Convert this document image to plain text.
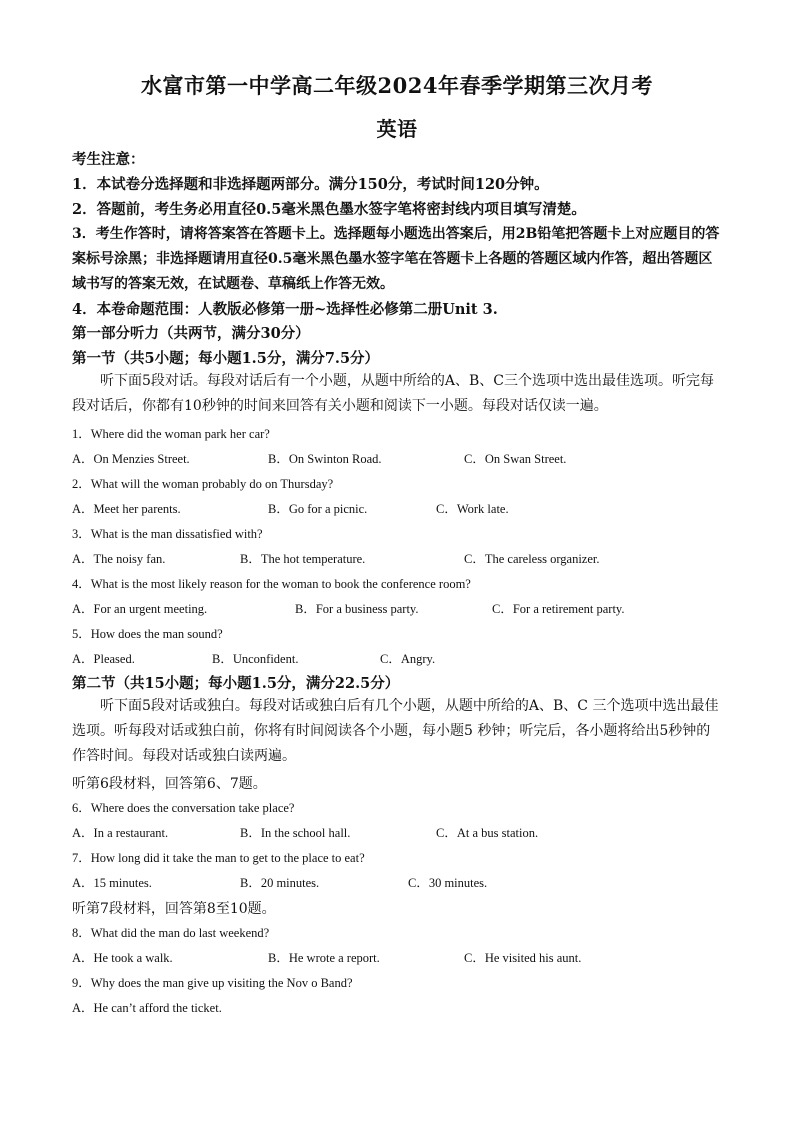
水富市第一中学高二年级2024年春季学期第三次月考
英语
考生注意：
1．本试卷分选择题和非选择题两部分。满分150分，考试时间120分钟。
2．答题前，考生务必用直径0.5毫米黑色墨水签字笔将密封线内项目填写清楚。
3．考生作答时，请将答案答在答题卡上。选择题每小题选出答案后，用2B铅笔把答题卡上对应题目的答案标号涂黑；非选择题请用直径0.5毫米黑色墨水签字笔在答题卡上各题的答题区域内作答，超出答题区域书写的答案无效，在试题卷、草稿纸上作答无效。
4．本卷命题范围：人教版必修第一册~选择性必修第二册Unit 3.
第一部分听力（共两节，满分30分）
第一节（共5小题；每小题1.5分，满分7.5分）
听下面5段对话。每段对话后有一个小题，从题中所给的A、B、C三个选项中选出最佳选项。听完每段对话后，你都有10秒钟的时间来回答有关小题和阅读下一小题。每段对话仅读一遍。
1．Where did the woman park her car?
A．On Menzies Street.	B．On Swinton Road.	C．On Swan Street.
2．What will the woman probably do on Thursday?
A．Meet her parents.	B．Go for a picnic.	C．Work late.
3．What is the man dissatisfied with?
A．The noisy fan.	B．The hot temperature.	C．The careless organizer.
4．What is the most likely reason for the woman to book the conference room?
A．For an urgent meeting.	B．For a business party.	C．For a retirement party.
5．How does the man sound?
A．Pleased.	B．Unconfident.	C．Angry.
第二节（共15小题；每小题1.5分，满分22.5分）
听下面5段对话或独白。每段对话或独白后有几个小题，从题中所给的A、B、C 三个选项中选出最佳选项。听每段对话或独白前，你将有时间阅读各个小题，每小题5 秒钟；听完后，各小题将给出5秒钟的作答时间。每段对话或独白读两遍。
听第6段材料，回答第6、7题。
6．Where does the conversation take place?
A．In a restaurant.	B．In the school hall.	C．At a bus station.
7．How long did it take the man to get to the place to eat?
A．15 minutes.	B．20 minutes.	C．30 minutes.
听第7段材料，回答第8至10题。
8．What did the man do last weekend?
A．He took a walk.	B．He wrote a report.	C．He visited his aunt.
9．Why does the man give up visiting the Nov o Band?
A．He can’t afford the ticket.
